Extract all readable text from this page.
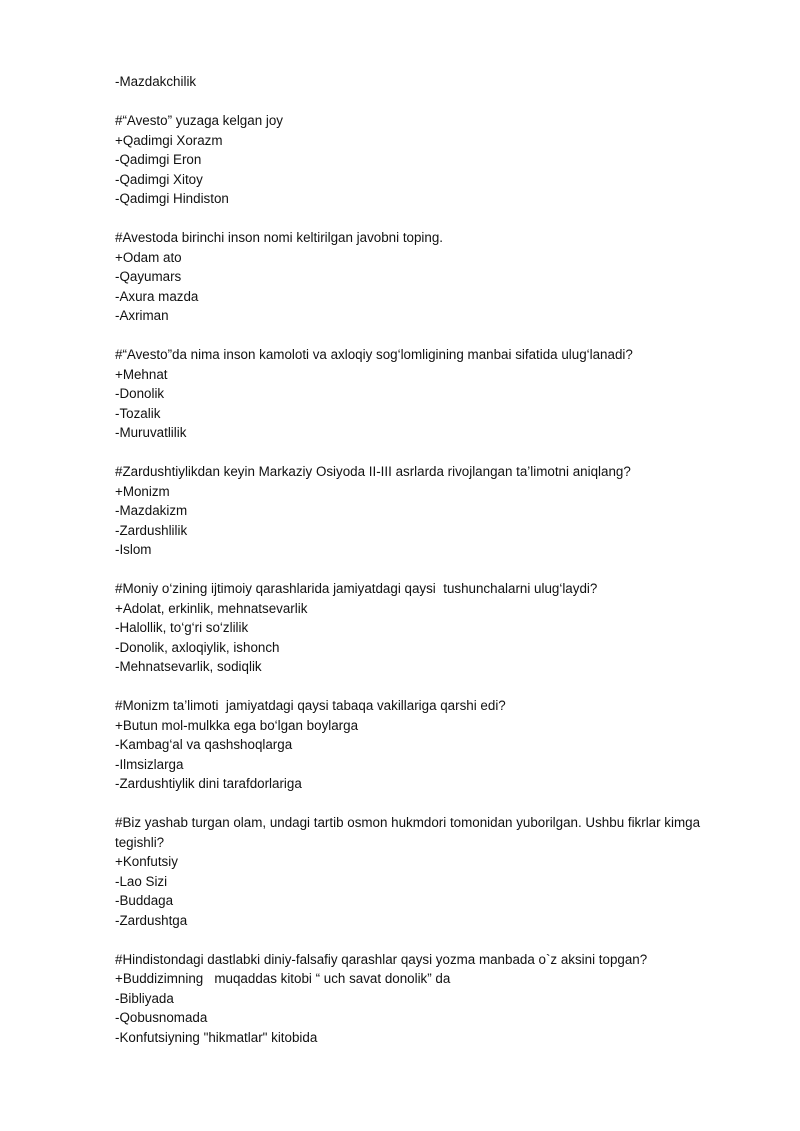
-Mazdakchilik
#“Avesto” yuzaga kelgan joy
+Qadimgi Xorazm
-Qadimgi Eron
-Qadimgi Xitoy
-Qadimgi Hindiston
#Avestoda birinchi inson nomi keltirilgan javobni toping.
+Odam ato
-Qayumars
-Axura mazda
-Axriman
#“Avesto”da nima inson kamoloti va axloqiy sog‘lomligining manbai sifatida ulug‘lanadi?
+Mehnat
-Donolik
-Tozalik
-Muruvatlilik
#Zardushtiylikdan keyin Markaziy Osiyoda II-III asrlarda rivojlangan ta’limotni aniqlang?
+Monizm
-Mazdakizm
-Zardushlilik
-Islom
#Moniy o‘zining ijtimoiy qarashlarida jamiyatdagi qaysi  tushunchalarni ulug‘laydi?
+Adolat, erkinlik, mehnatsevarlik
-Halollik, to‘g‘ri so‘zlilik
-Donolik, axloqiylik, ishonch
-Mehnatsevarlik, sodiqlik
#Monizm ta’limoti  jamiyatdagi qaysi tabaqa vakillariga qarshi edi?
+Butun mol-mulkka ega bo‘lgan boylarga
-Kambag‘al va qashshoqlarga
-Ilmsizlarga
-Zardushtiylik dini tarafdorlariga
#Biz yashab turgan olam, undagi tartib osmon hukmdori tomonidan yuborilgan. Ushbu fikrlar kimga tegishli?
+Konfutsiy
-Lao Sizi
-Buddaga
-Zardushtga
#Hindistondagi dastlabki diniy-falsafiy qarashlar qaysi yozma manbada o`z aksini topgan?
+Buddizimning   muqaddas kitobi “ uch savat donolik” da
-Bibliyada
-Qobusnomada
-Konfutsiyning "hikmatlar" kitobida
